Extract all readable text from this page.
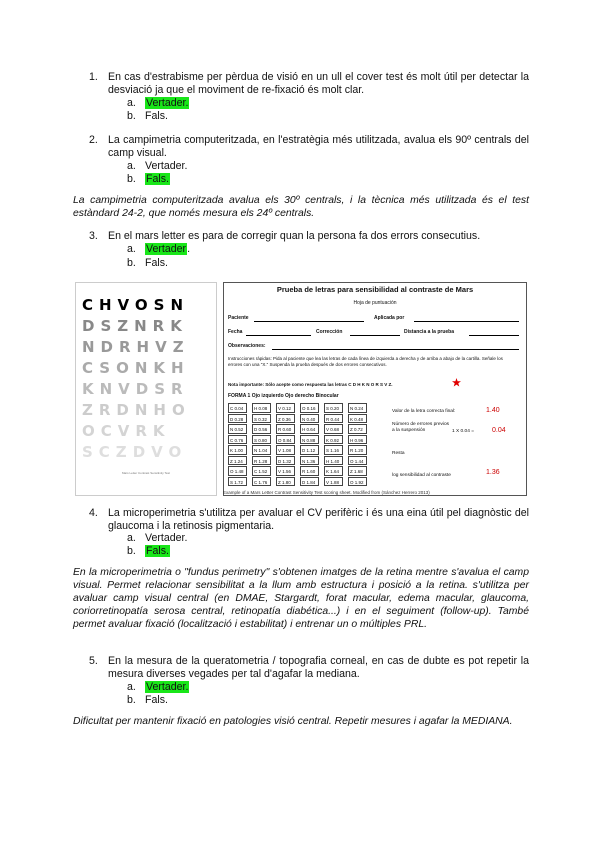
1. En cas d'estrabisme per pèrdua de visió en un ull el cover test és molt útil per detectar la desviació ja que el moviment de re-fixació és molt clar.
a. Vertader.
b. Fals.
2. La campimetria computeritzada, en l'estratègia més utilitzada, avalua els 90º centrals del camp visual.
a. Vertader.
b. Fals.
La campimetria computeritzada avalua els 30º centrals, i la tècnica més utilitzada és el test estàndard 24-2, que només mesura els 24º centrals.
3. En el mars letter es para de corregir quan la persona fa dos errors consecutius.
a. Vertader.
b. Fals.
CHVOSN
DSZNRK
NDRHVZ
CSONKH
KNVDSR
ZRDNHO
OCVRK
SCZDVO
Mars Letter Contrast Sensitivity Test
Prueba de letras para sensibilidad al contraste de Mars
Hoja de puntuación
Paciente	Aplicada por
Fecha	Corrección	Distancia a la prueba
Observaciones:
Instrucciones rápidas: Pida al paciente que lea las letras de cada línea de izquierda a derecha y de arriba a abajo de la cartilla. Señale los errores con una "X." Suspenda la prueba después de dos errores consecutivos.
Nota importante: Sólo acepte como respuesta las letras C D H K N O R S V Z.
FORMA 1 Ojo izquierdo Ojo derecho Binocular
C 0.04	H 0.08	V 0.12	O 0.16	S 0.20	N 0.24
D 0.28	S 0.32	Z 0.36	N 0.40	R 0.44	K 0.48
N 0.52	D 0.56	R 0.60	H 0.64	V 0.68	Z 0.72
C 0.76	S 0.80	O 0.84	N 0.88	K 0.92	H 0.96
K 1.00	N 1.04	V 1.08	D 1.12	S 1.16	R 1.20
Z 1.24	R 1.28	D 1.32	N 1.36	H 1.40	O 1.44
O 1.48	C 1.52	V 1.56	R 1.60	K 1.64	Z 1.68
S 1.72	C 1.76	Z 1.80	D 1.84	V 1.88	O 1.92
Valor de la letra correcta final:	1.40
Número de errores previos a la suspensión	1 X 0.04 =	0.04
Resta
log sensibilidad al contraste	1.36
Example of a Mars Letter Contrast Sensitivity Test scoring sheet. Modified from (Sánchez Herrero 2013)
4. La microperimetria s'utilitza per avaluar el CV perifèric i és una eina útil pel diagnòstic del glaucoma i la retinosis pigmentaria.
a. Vertader.
b. Fals.
En la microperimetria o "fundus perimetry" s'obtenen imatges de la retina mentre s'avalua el camp visual. Permet relacionar sensibilitat a la llum amb estructura i posició a la retina. s'utilitza per avaluar camp visual central (en DMAE, Stargardt, forat macular, edema macular, glaucoma, coriorretinopatía serosa central, retinopatía diabética...) i en el seguiment (follow-up). També permet avaluar fixació (localització i estabilitat) i entrenar un o múltiples PRL.
5. En la mesura de la queratometria / topografia corneal, en cas de dubte es pot repetir la mesura diverses vegades per tal d'agafar la mediana.
a. Vertader.
b. Fals.
Dificultat per mantenir fixació en patologies visió central. Repetir mesures i agafar la MEDIANA.
